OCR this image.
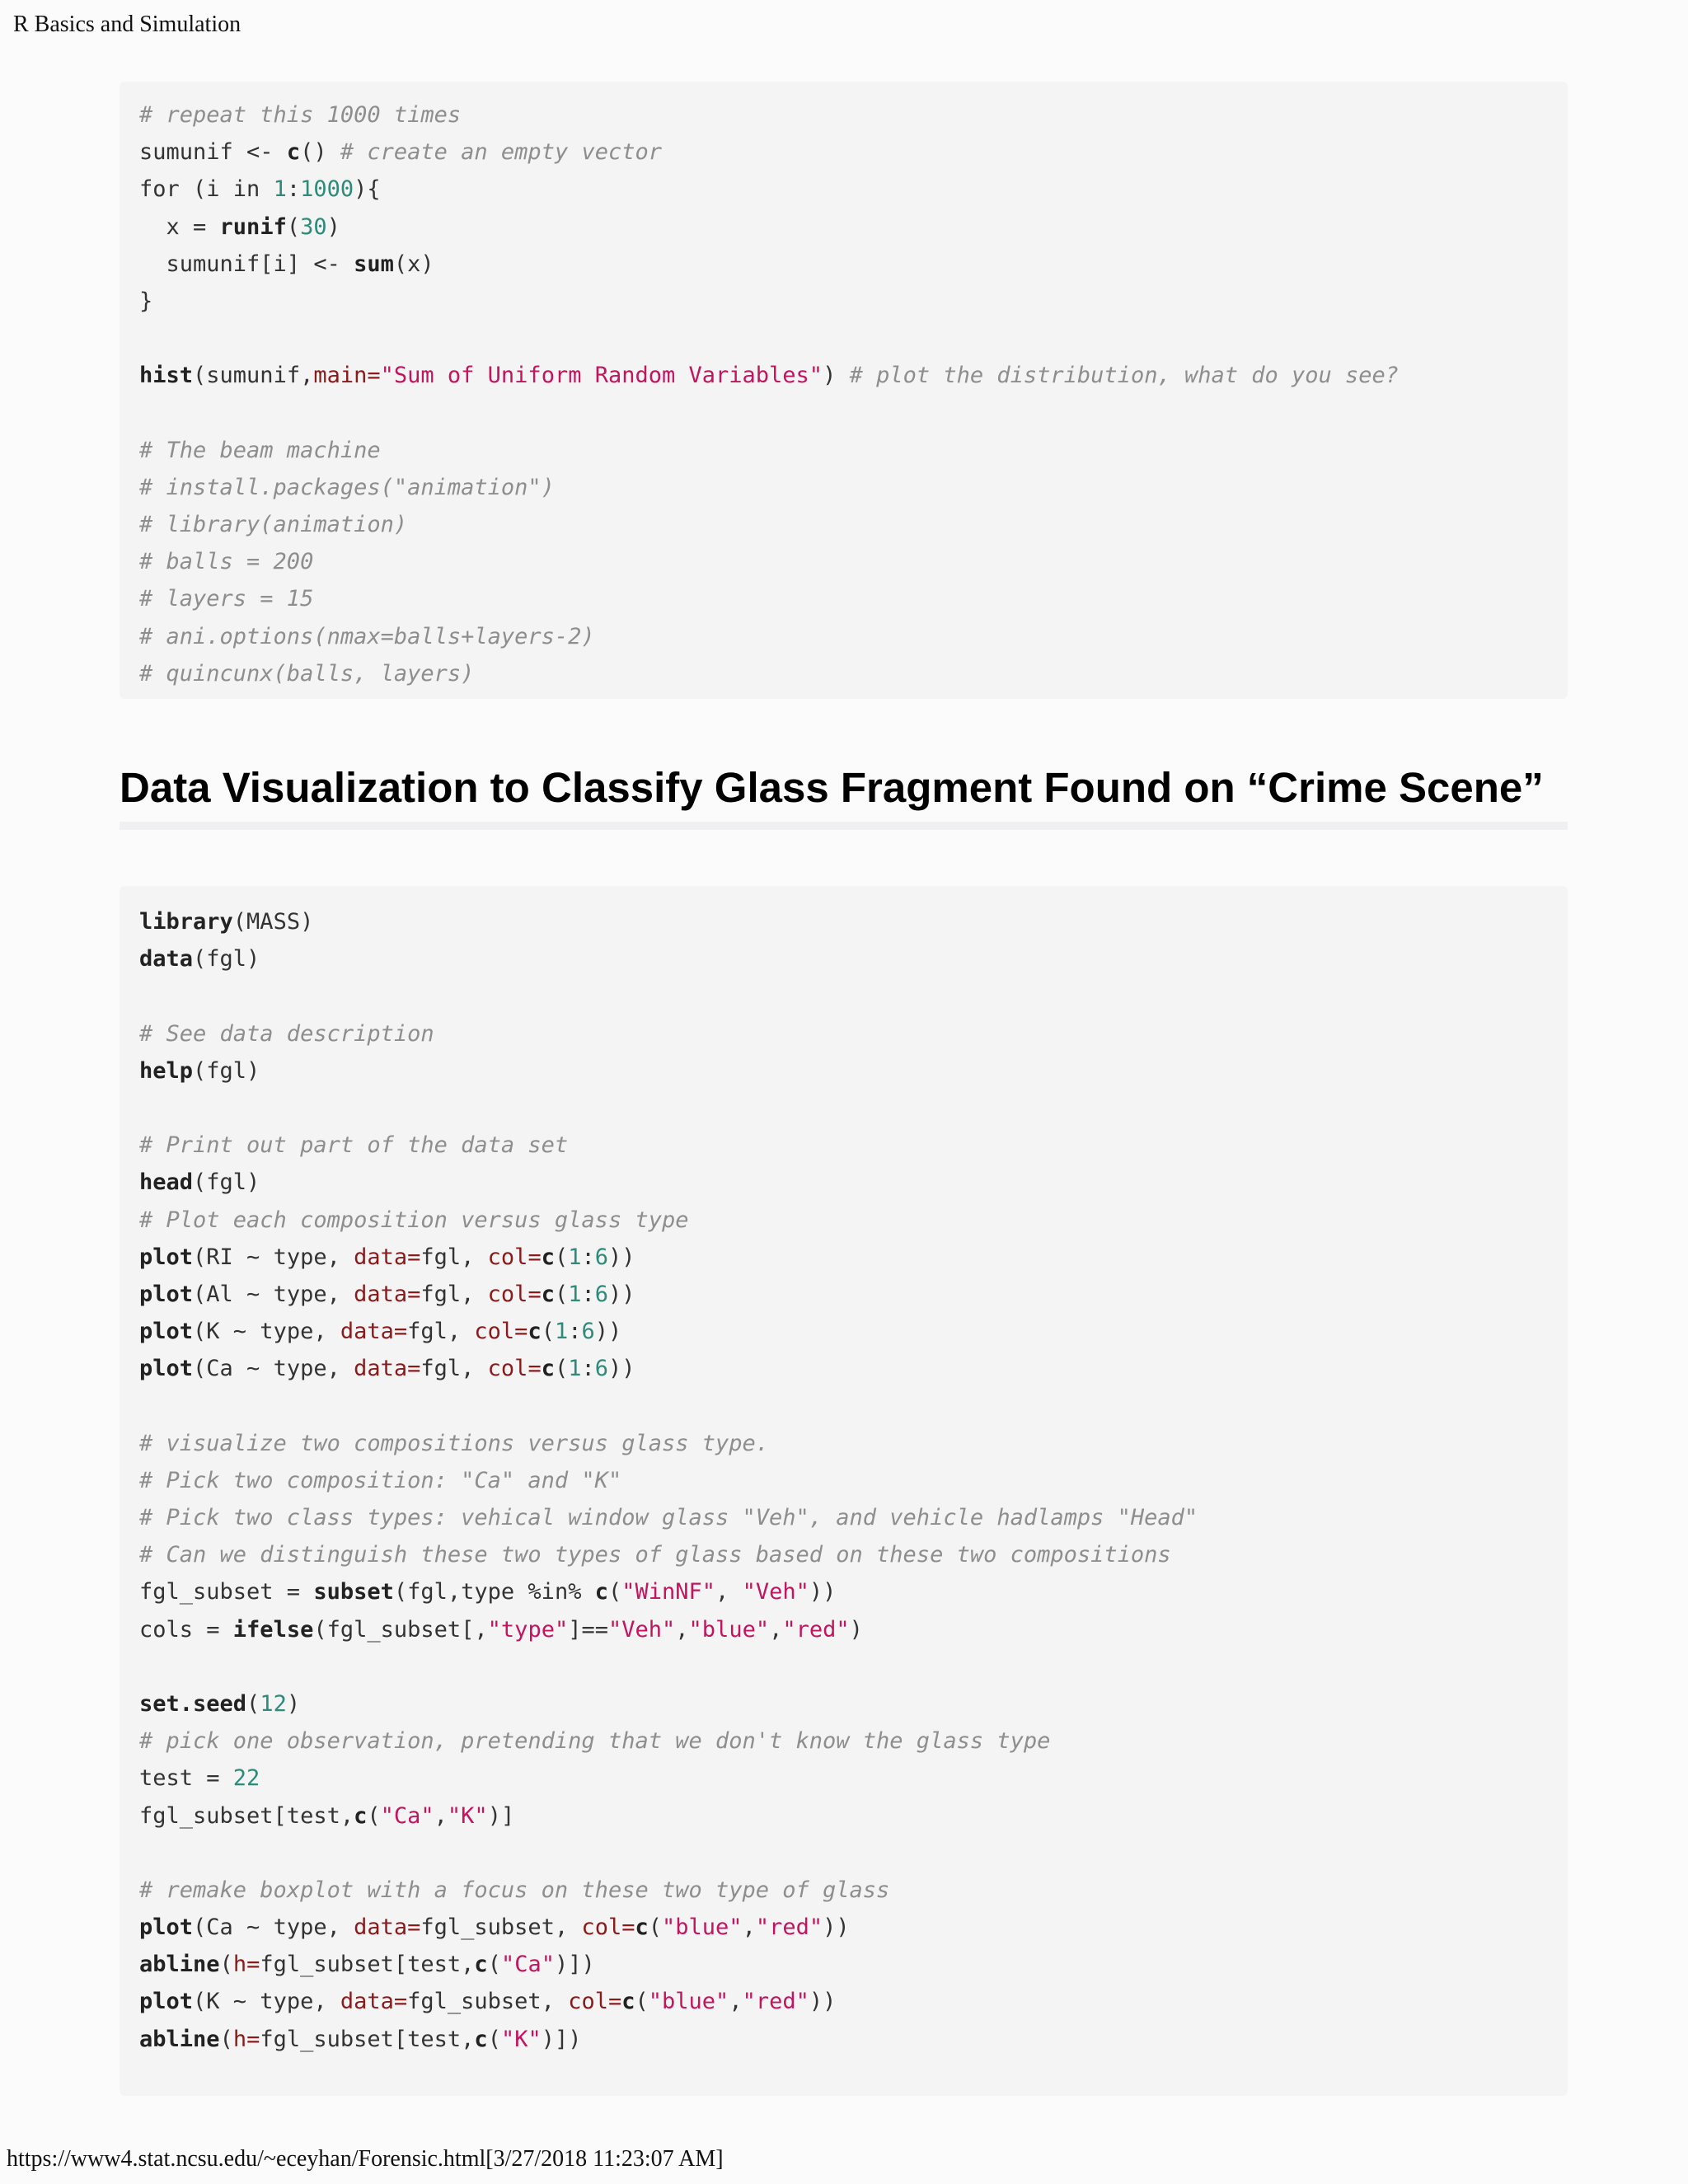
R Basics and Simulation
# repeat this 1000 times
sumunif <- c() # create an empty vector
for (i in 1:1000){
x = runif(30)
sumunif[i] <- sum(x)
}
hist(sumunif,main="Sum of Uniform Random Variables") # plot the distribution, what do you see?
# The beam machine
# install.packages("animation")
# library(animation)
# balls = 200
# layers = 15
# ani.options(nmax=balls+layers-2)
# quincunx(balls, layers)
Data Visualization to Classify Glass Fragment Found on “Crime Scene”
library(MASS)
data(fgl)
# See data description
help(fgl)
# Print out part of the data set
head(fgl)
# Plot each composition versus glass type
plot(RI ~ type, data=fgl, col=c(1:6))
plot(Al ~ type, data=fgl, col=c(1:6))
plot(K ~ type, data=fgl, col=c(1:6))
plot(Ca ~ type, data=fgl, col=c(1:6))
# visualize two compositions versus glass type.
# Pick two composition: "Ca" and "K"
# Pick two class types: vehical window glass "Veh", and vehicle hadlamps "Head"
# Can we distinguish these two types of glass based on these two compositions
fgl_subset = subset(fgl,type %in% c("WinNF", "Veh"))
cols = ifelse(fgl_subset[,"type"]=="Veh","blue","red")
set.seed(12)
# pick one observation, pretending that we don't know the glass type
test = 22
fgl_subset[test,c("Ca","K")]
# remake boxplot with a focus on these two type of glass
plot(Ca ~ type, data=fgl_subset, col=c("blue","red"))
abline(h=fgl_subset[test,c("Ca")])
plot(K ~ type, data=fgl_subset, col=c("blue","red"))
abline(h=fgl_subset[test,c("K")])
https://www4.stat.ncsu.edu/~eceyhan/Forensic.html[3/27/2018 11:23:07 AM]
